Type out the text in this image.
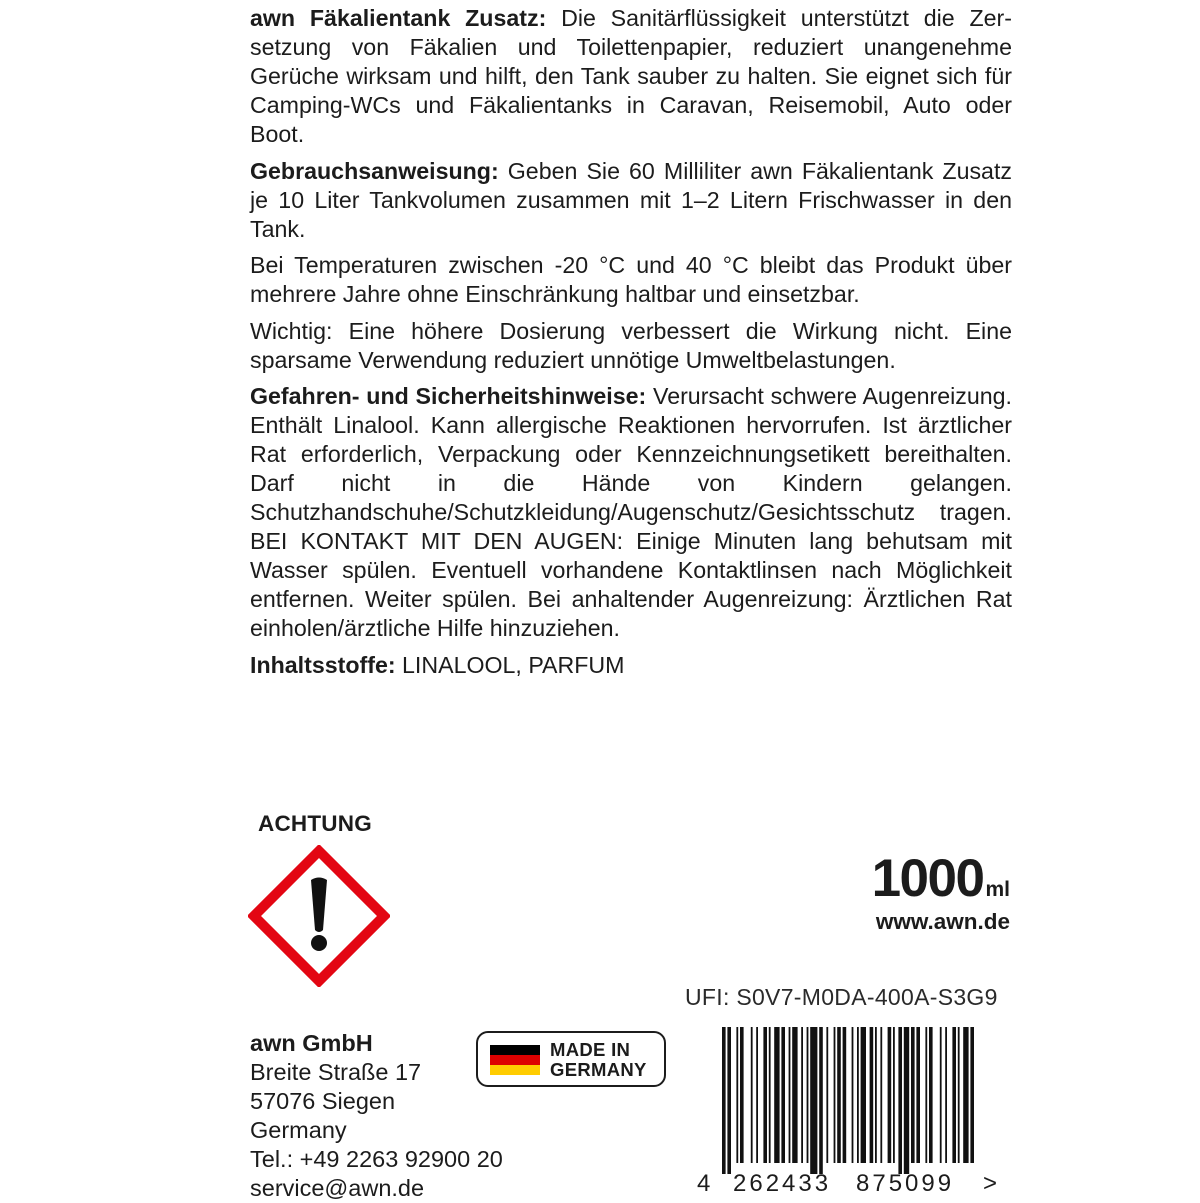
awn Fäkalientank Zusatz: Die Sanitärflüssigkeit unterstützt die Zersetzung von Fäkalien und Toilettenpapier, reduziert unangenehme Gerüche wirksam und hilft, den Tank sauber zu halten. Sie eignet sich für Camping-WCs und Fäkalientanks in Caravan, Reisemobil, Auto oder Boot.

Gebrauchsanweisung: Geben Sie 60 Milliliter awn Fäkalientank Zusatz je 10 Liter Tankvolumen zusammen mit 1–2 Litern Frischwasser in den Tank.

Bei Temperaturen zwischen -20 °C und 40 °C bleibt das Produkt über mehrere Jahre ohne Einschränkung haltbar und einsetzbar.

Wichtig: Eine höhere Dosierung verbessert die Wirkung nicht. Eine sparsame Verwendung reduziert unnötige Umweltbelastungen.

Gefahren- und Sicherheitshinweise: Verursacht schwere Augenreizung. Enthält Linalool. Kann allergische Reaktionen hervorrufen. Ist ärztlicher Rat erforderlich, Verpackung oder Kennzeichnungsetikett bereithalten. Darf nicht in die Hände von Kindern gelangen. Schutzhandschuhe/Schutzkleidung/Augenschutz/Gesichtsschutz tragen. BEI KONTAKT MIT DEN AUGEN: Einige Minuten lang behutsam mit Wasser spülen. Eventuell vorhandene Kontaktlinsen nach Möglichkeit entfernen. Weiter spülen. Bei anhaltender Augenreizung: Ärztlichen Rat einholen/ärztliche Hilfe hinzuziehen.

Inhaltsstoffe: LINALOOL, PARFUM

ACHTUNG
1000ml
www.awn.de
UFI: S0V7-M0DA-400A-S3G9
awn GmbH
Breite Straße 17
57076 Siegen
Germany
Tel.: +49 2263 92900 20
service@awn.de
MADE IN
GERMANY
4 262433 875099 >
